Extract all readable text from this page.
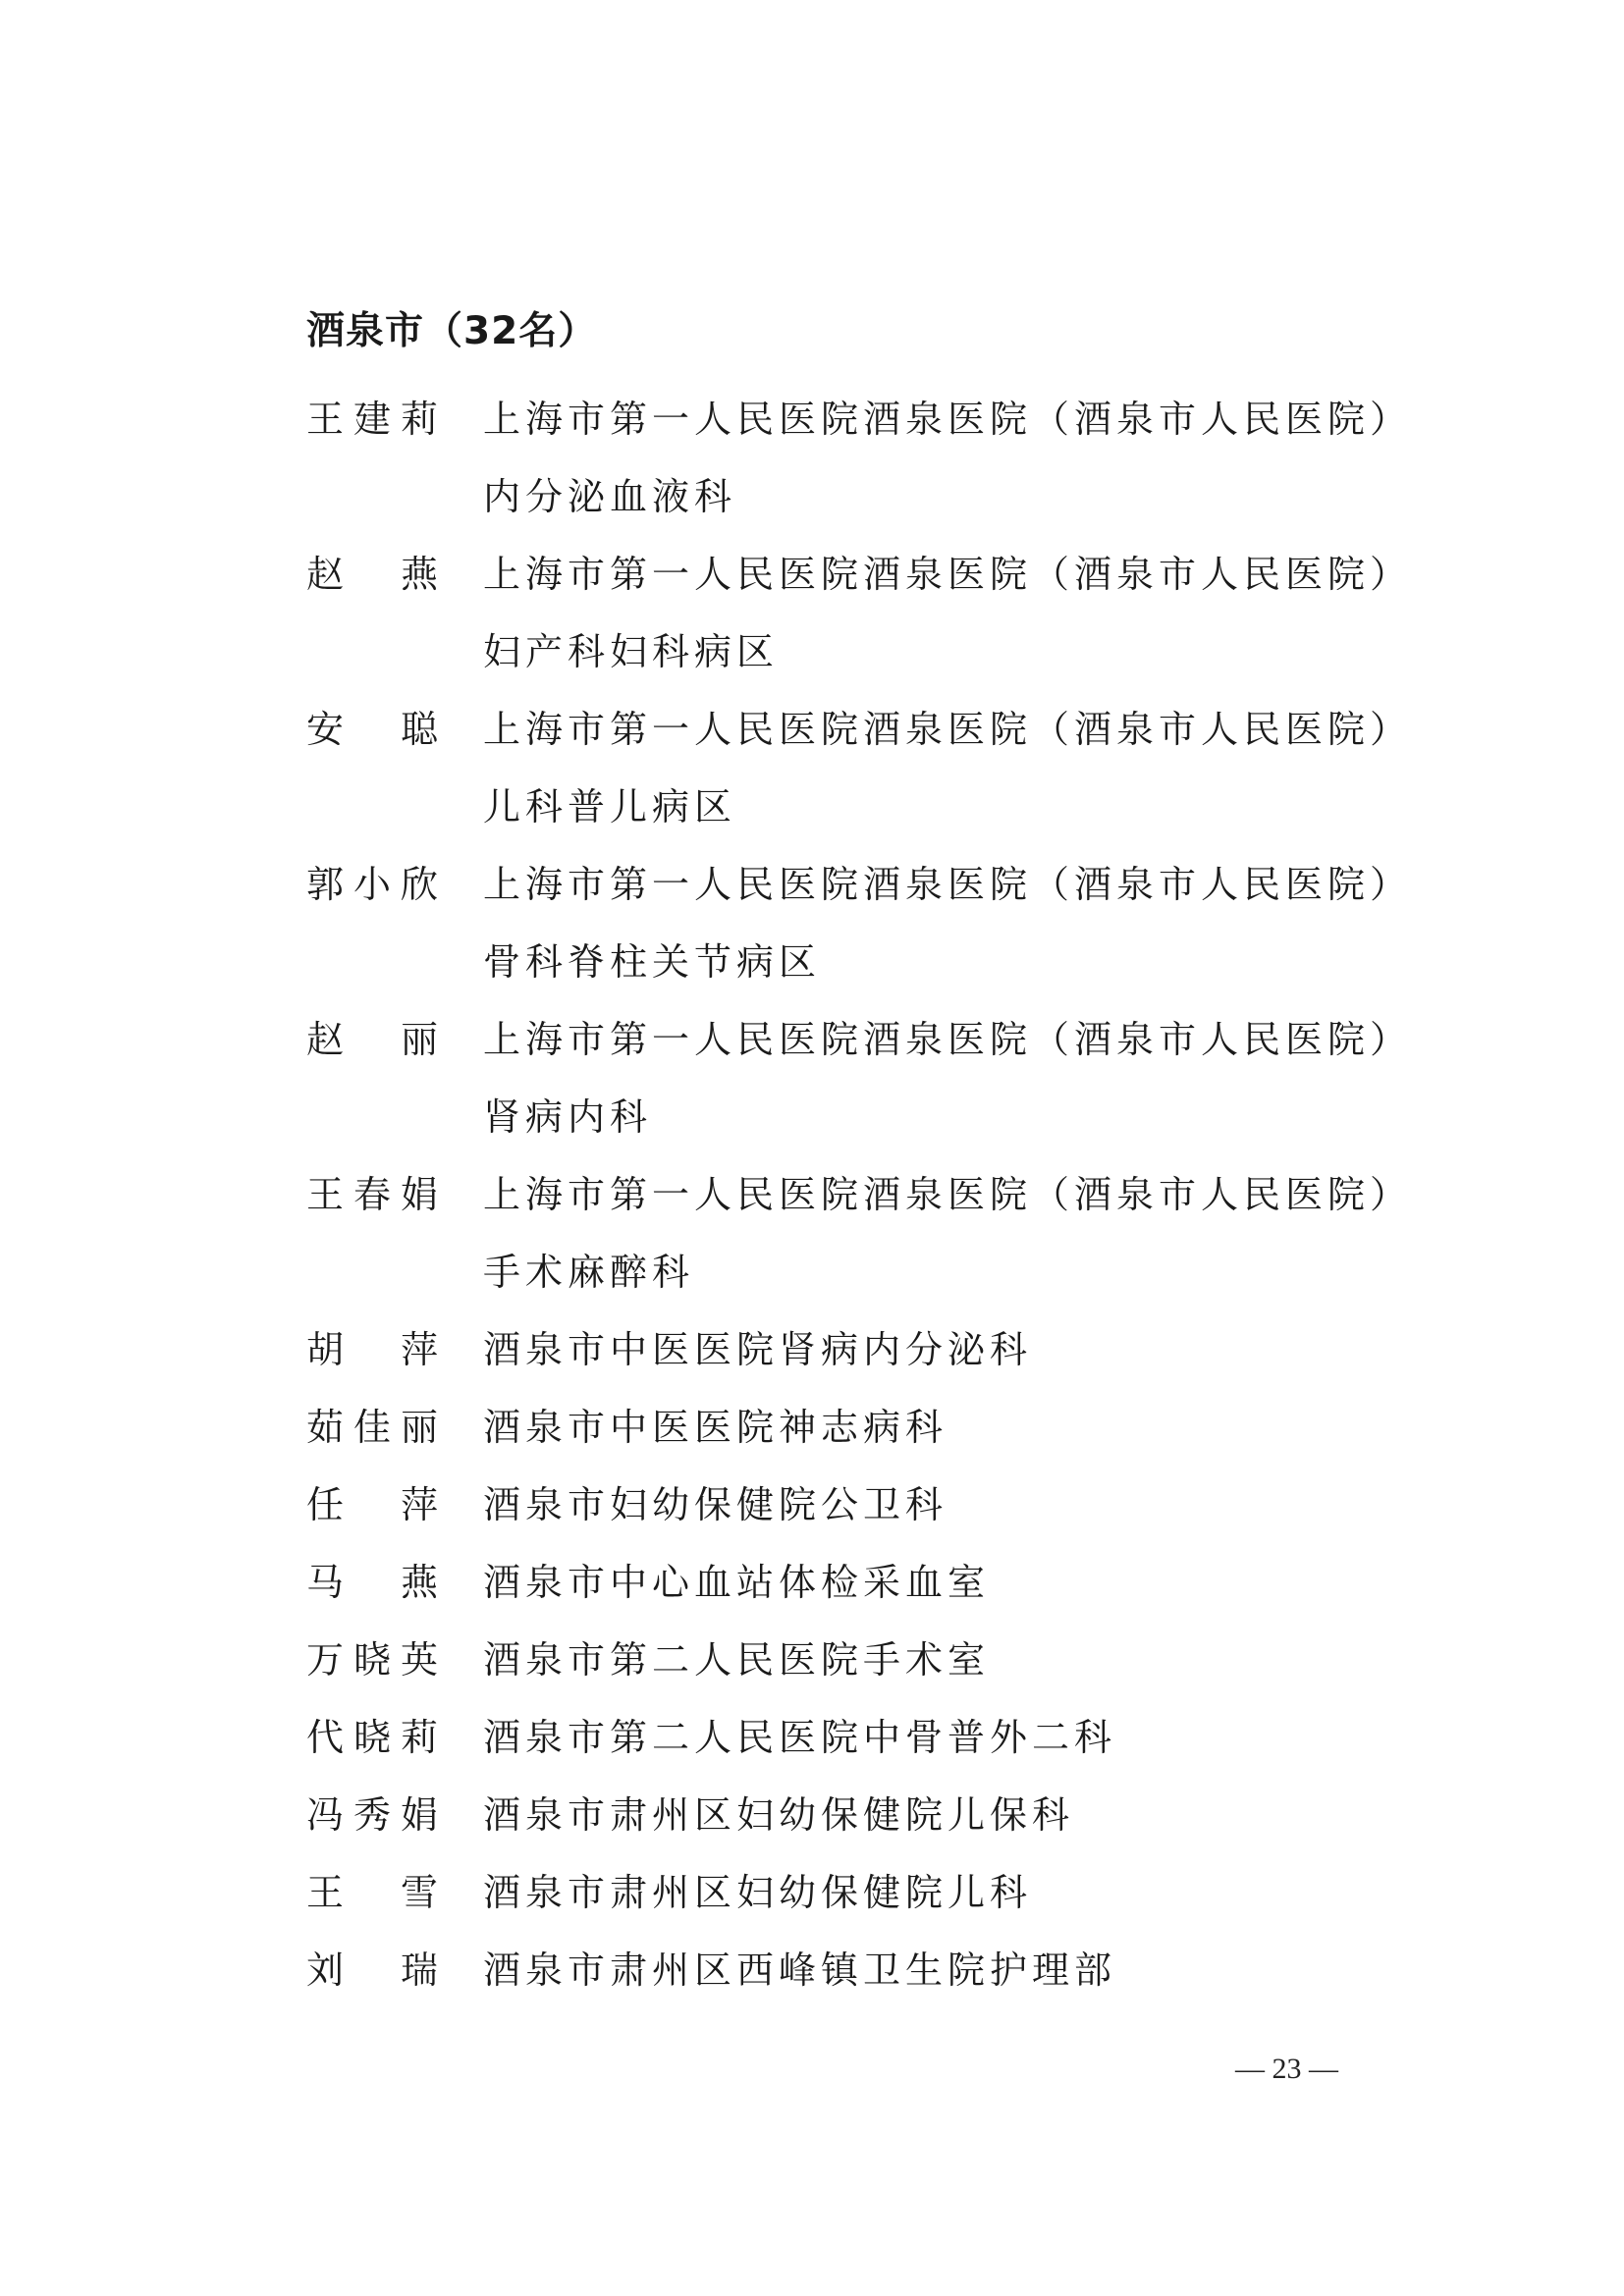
酒泉市（32名）
王 建 莉 上海市第一人民医院酒泉医院（酒泉市人民医院）
内分泌血液科
赵 燕 上海市第一人民医院酒泉医院（酒泉市人民医院）
妇产科妇科病区
安 聪 上海市第一人民医院酒泉医院（酒泉市人民医院）
儿科普儿病区
郭 小 欣 上海市第一人民医院酒泉医院（酒泉市人民医院）
骨科脊柱关节病区
赵 丽 上海市第一人民医院酒泉医院（酒泉市人民医院）
肾病内科
王 春 娟 上海市第一人民医院酒泉医院（酒泉市人民医院）
手术麻醉科
胡 萍 酒泉市中医医院肾病内分泌科
茹 佳 丽 酒泉市中医医院神志病科
任 萍 酒泉市妇幼保健院公卫科
马 燕 酒泉市中心血站体检采血室
万 晓 英 酒泉市第二人民医院手术室
代 晓 莉 酒泉市第二人民医院中骨普外二科
冯 秀 娟 酒泉市肃州区妇幼保健院儿保科
王 雪 酒泉市肃州区妇幼保健院儿科
刘 瑞 酒泉市肃州区西峰镇卫生院护理部
— 23 —
